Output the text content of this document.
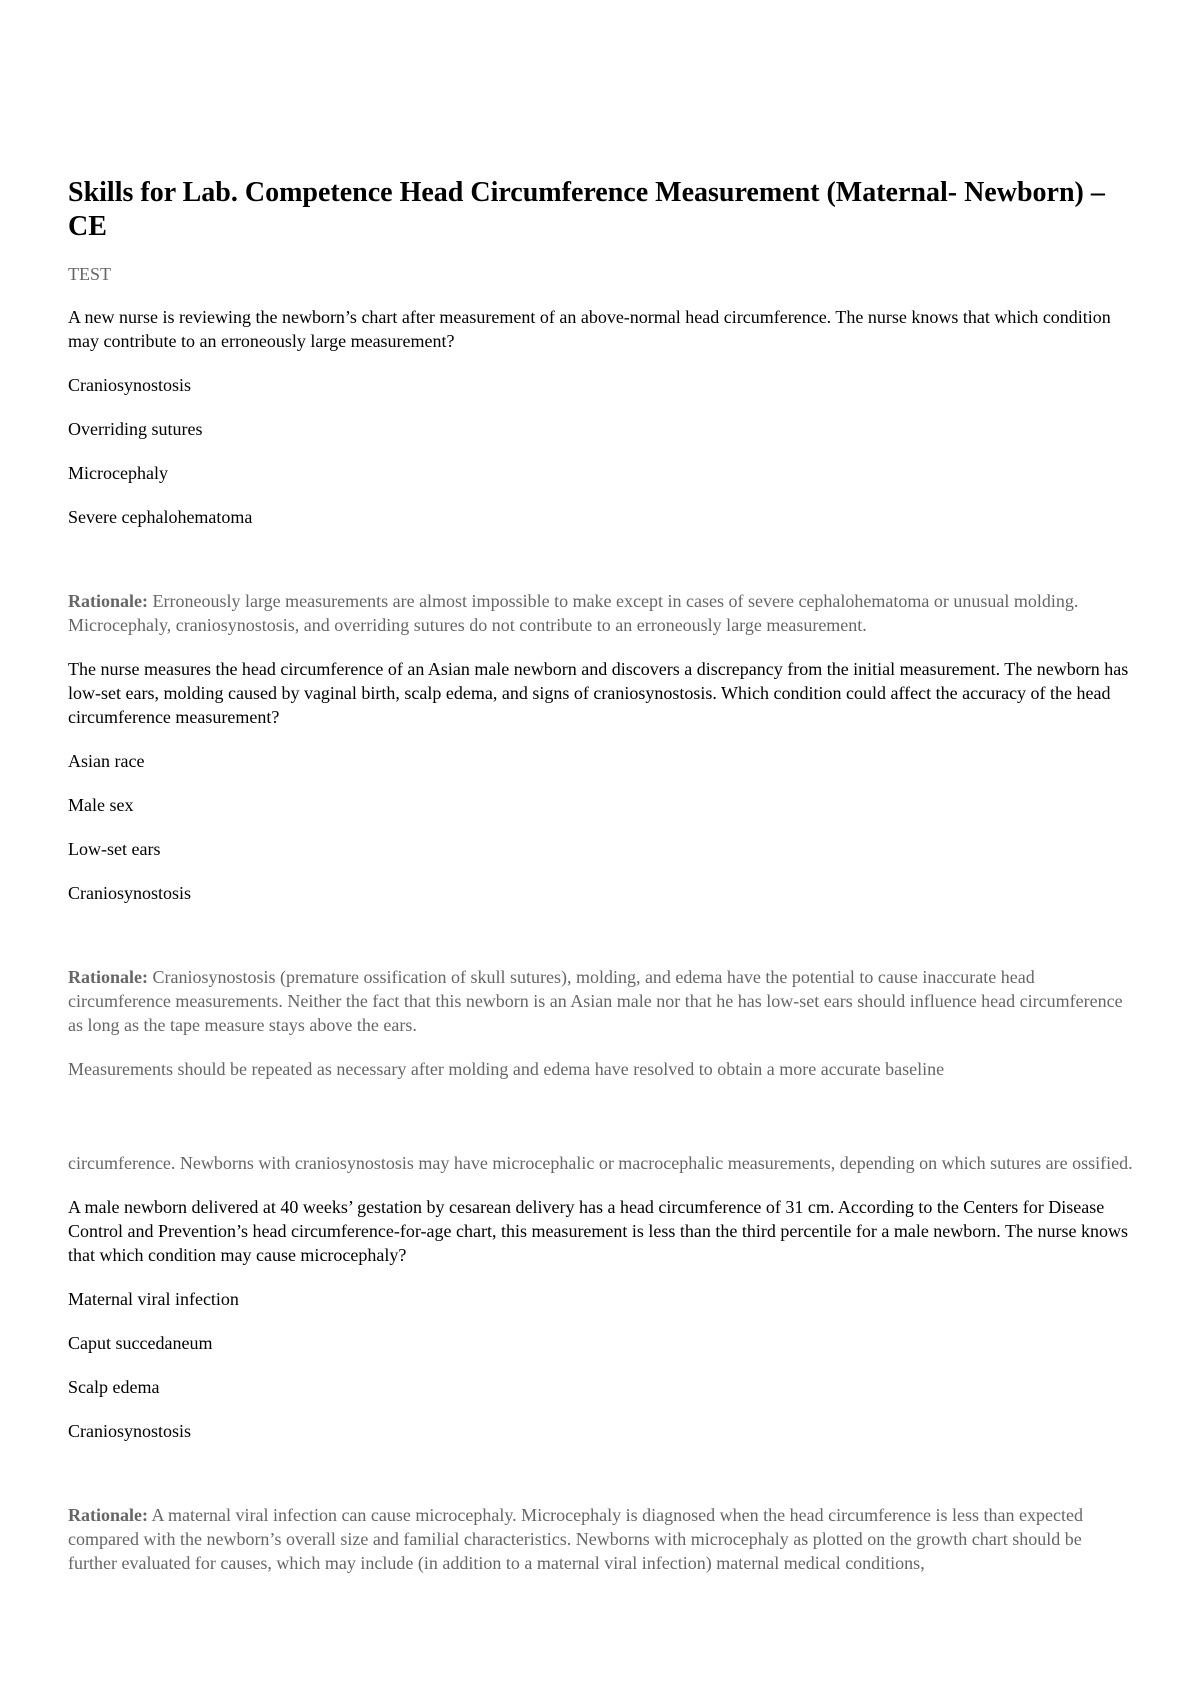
Skills for Lab. Competence Head Circumference Measurement (Maternal- Newborn) – CE
TEST

A new nurse is reviewing the newborn’s chart after measurement of an above-normal head circumference. The nurse knows that which condition may contribute to an erroneously large measurement?

Craniosynostosis

Overriding sutures

Microcephaly

Severe cephalohematoma

Rationale: Erroneously large measurements are almost impossible to make except in cases of severe cephalohematoma or unusual molding. Microcephaly, craniosynostosis, and overriding sutures do not contribute to an erroneously large measurement.

The nurse measures the head circumference of an Asian male newborn and discovers a discrepancy from the initial measurement. The newborn has low-set ears, molding caused by vaginal birth, scalp edema, and signs of craniosynostosis. Which condition could affect the accuracy of the head circumference measurement?

Asian race

Male sex

Low-set ears

Craniosynostosis

Rationale: Craniosynostosis (premature ossification of skull sutures), molding, and edema have the potential to cause inaccurate head circumference measurements. Neither the fact that this newborn is an Asian male nor that he has low-set ears should influence head circumference as long as the tape measure stays above the ears.

Measurements should be repeated as necessary after molding and edema have resolved to obtain a more accurate baseline

circumference. Newborns with craniosynostosis may have microcephalic or macrocephalic measurements, depending on which sutures are ossified.

A male newborn delivered at 40 weeks’ gestation by cesarean delivery has a head circumference of 31 cm. According to the Centers for Disease Control and Prevention’s head circumference-for-age chart, this measurement is less than the third percentile for a male newborn. The nurse knows that which condition may cause microcephaly?

Maternal viral infection

Caput succedaneum

Scalp edema

Craniosynostosis

Rationale: A maternal viral infection can cause microcephaly. Microcephaly is diagnosed when the head circumference is less than expected compared with the newborn’s overall size and familial characteristics. Newborns with microcephaly as plotted on the growth chart should be further evaluated for causes, which may include (in addition to a maternal viral infection) maternal medical conditions,
